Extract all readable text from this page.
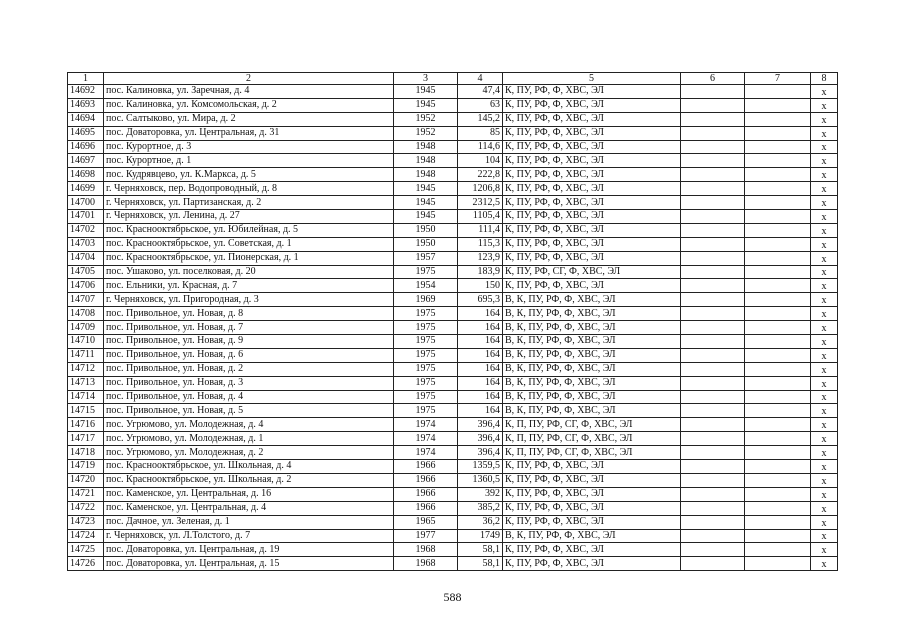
1	2	3	4	5	6	7	8
14692	пос. Калиновка, ул. Заречная, д. 4	1945	47,4	К, ПУ, РФ, Ф, ХВС, ЭЛ			x
14693	пос. Калиновка, ул. Комсомольская, д. 2	1945	63	К, ПУ, РФ, Ф, ХВС, ЭЛ			x
14694	пос. Салтыково, ул. Мира, д. 2	1952	145,2	К, ПУ, РФ, Ф, ХВС, ЭЛ			x
14695	пос. Доваторовка, ул. Центральная, д. 31	1952	85	К, ПУ, РФ, Ф, ХВС, ЭЛ			x
14696	пос. Курортное, д. 3	1948	114,6	К, ПУ, РФ, Ф, ХВС, ЭЛ			x
14697	пос. Курортное, д. 1	1948	104	К, ПУ, РФ, Ф, ХВС, ЭЛ			x
14698	пос. Кудрявцево, ул. К.Маркса, д. 5	1948	222,8	К, ПУ, РФ, Ф, ХВС, ЭЛ			x
14699	г. Черняховск, пер. Водопроводный, д. 8	1945	1206,8	К, ПУ, РФ, Ф, ХВС, ЭЛ			x
14700	г. Черняховск, ул. Партизанская, д. 2	1945	2312,5	К, ПУ, РФ, Ф, ХВС, ЭЛ			x
14701	г. Черняховск, ул. Ленина, д. 27	1945	1105,4	К, ПУ, РФ, Ф, ХВС, ЭЛ			x
14702	пос. Краснооктябрьское, ул. Юбилейная, д. 5	1950	111,4	К, ПУ, РФ, Ф, ХВС, ЭЛ			x
14703	пос. Краснооктябрьское, ул. Советская, д. 1	1950	115,3	К, ПУ, РФ, Ф, ХВС, ЭЛ			x
14704	пос. Краснооктябрьское, ул. Пионерская, д. 1	1957	123,9	К, ПУ, РФ, Ф, ХВС, ЭЛ			x
14705	пос. Ушаково, ул. поселковая, д. 20	1975	183,9	К, ПУ, РФ, СГ, Ф, ХВС, ЭЛ			x
14706	пос. Ельники, ул. Красная, д. 7	1954	150	К, ПУ, РФ, Ф, ХВС, ЭЛ			x
14707	г. Черняховск, ул. Пригородная, д. 3	1969	695,3	В, К, ПУ, РФ, Ф, ХВС, ЭЛ			x
14708	пос. Привольное, ул. Новая, д. 8	1975	164	В, К, ПУ, РФ, Ф, ХВС, ЭЛ			x
14709	пос. Привольное, ул. Новая, д. 7	1975	164	В, К, ПУ, РФ, Ф, ХВС, ЭЛ			x
14710	пос. Привольное, ул. Новая, д. 9	1975	164	В, К, ПУ, РФ, Ф, ХВС, ЭЛ			x
14711	пос. Привольное, ул. Новая, д. 6	1975	164	В, К, ПУ, РФ, Ф, ХВС, ЭЛ			x
14712	пос. Привольное, ул. Новая, д. 2	1975	164	В, К, ПУ, РФ, Ф, ХВС, ЭЛ			x
14713	пос. Привольное, ул. Новая, д. 3	1975	164	В, К, ПУ, РФ, Ф, ХВС, ЭЛ			x
14714	пос. Привольное, ул. Новая, д. 4	1975	164	В, К, ПУ, РФ, Ф, ХВС, ЭЛ			x
14715	пос. Привольное, ул. Новая, д. 5	1975	164	В, К, ПУ, РФ, Ф, ХВС, ЭЛ			x
14716	пос. Угрюмово, ул. Молодежная, д. 4	1974	396,4	К, П, ПУ, РФ, СГ, Ф, ХВС, ЭЛ			x
14717	пос. Угрюмово, ул. Молодежная, д. 1	1974	396,4	К, П, ПУ, РФ, СГ, Ф, ХВС, ЭЛ			x
14718	пос. Угрюмово, ул. Молодежная, д. 2	1974	396,4	К, П, ПУ, РФ, СГ, Ф, ХВС, ЭЛ			x
14719	пос. Краснооктябрьское, ул. Школьная, д. 4	1966	1359,5	К, ПУ, РФ, Ф, ХВС, ЭЛ			x
14720	пос. Краснооктябрьское, ул. Школьная, д. 2	1966	1360,5	К, ПУ, РФ, Ф, ХВС, ЭЛ			x
14721	пос. Каменское, ул. Центральная, д. 16	1966	392	К, ПУ, РФ, Ф, ХВС, ЭЛ			x
14722	пос. Каменское, ул. Центральная, д. 4	1966	385,2	К, ПУ, РФ, Ф, ХВС, ЭЛ			x
14723	пос. Дачное, ул. Зеленая, д. 1	1965	36,2	К, ПУ, РФ, Ф, ХВС, ЭЛ			x
14724	г. Черняховск, ул. Л.Толстого, д. 7	1977	1749	В, К, ПУ, РФ, Ф, ХВС, ЭЛ			x
14725	пос. Доваторовка, ул. Центральная, д. 19	1968	58,1	К, ПУ, РФ, Ф, ХВС, ЭЛ			x
14726	пос. Доваторовка, ул. Центральная, д. 15	1968	58,1	К, ПУ, РФ, Ф, ХВС, ЭЛ			x
588
